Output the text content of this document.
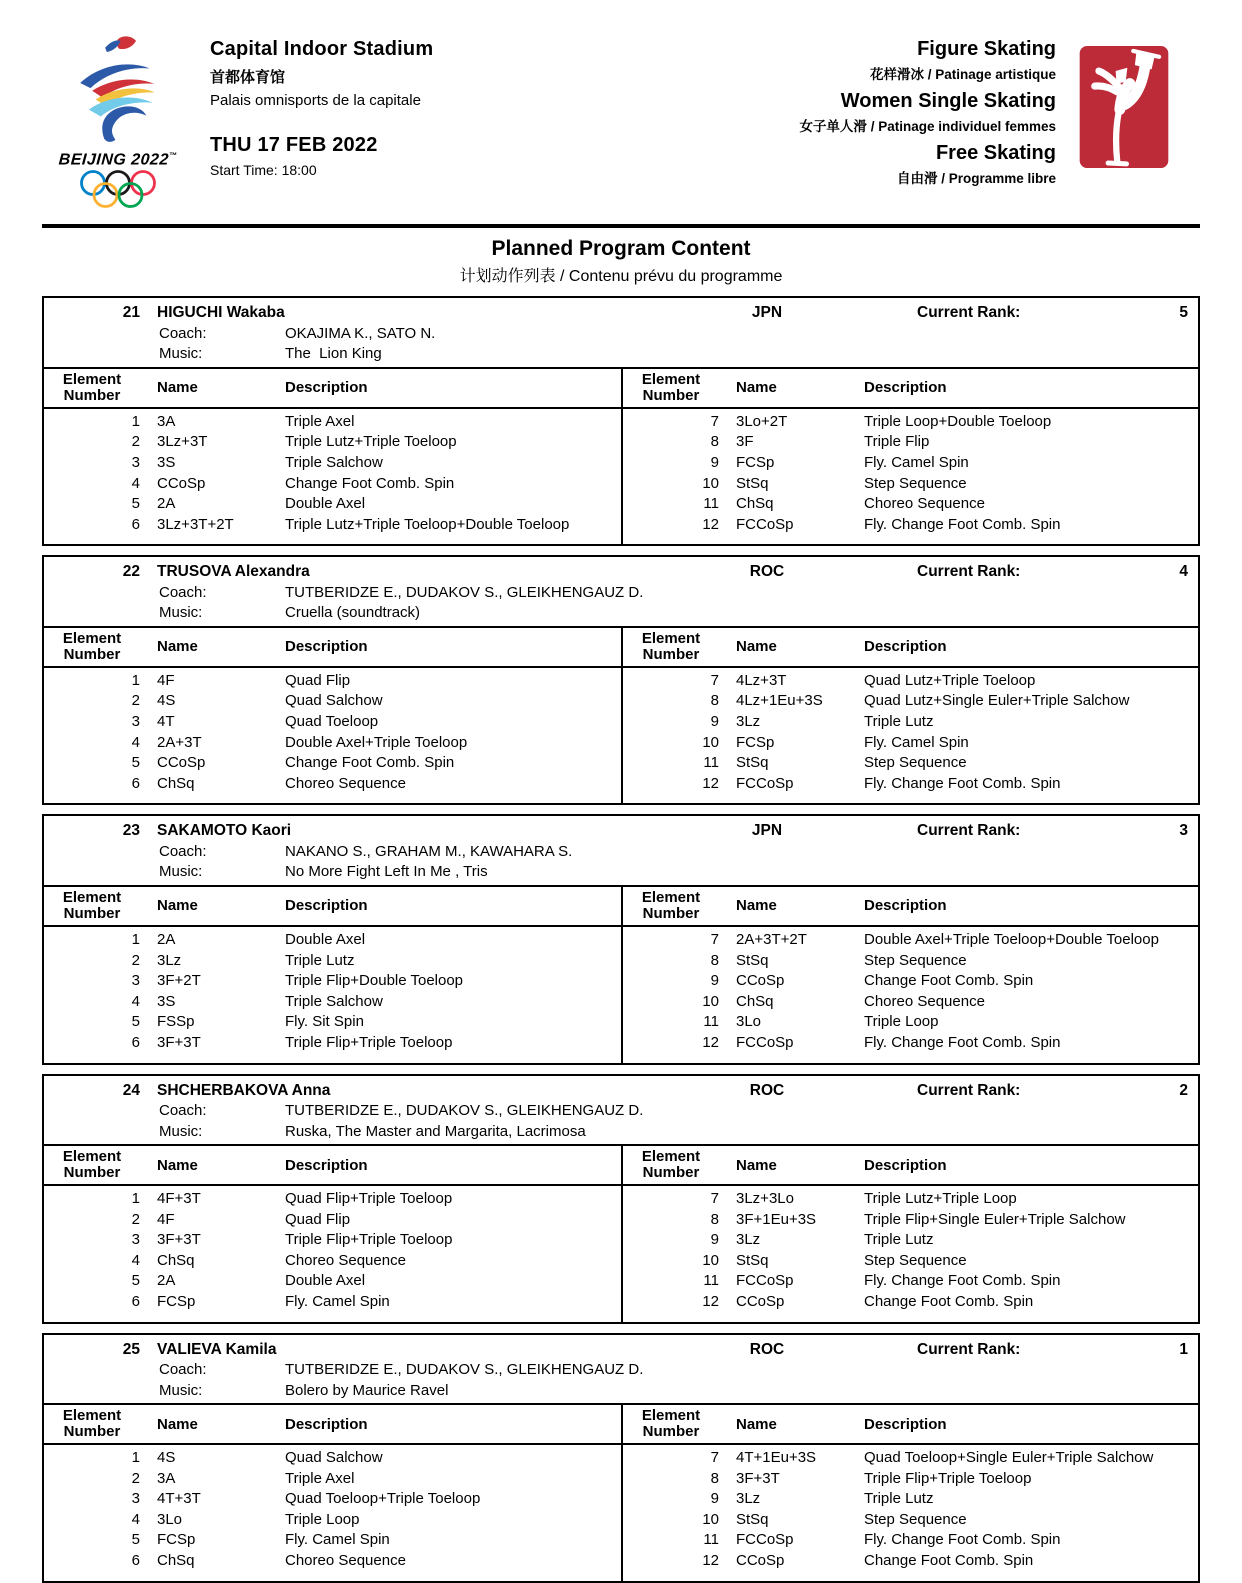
BEIJING 2022™
Capital Indoor Stadium
首都体育馆
Palais omnisports de la capitale
THU 17 FEB 2022
Start Time: 18:00
Figure Skating
花样滑冰 / Patinage artistique
Women Single Skating
女子单人滑 / Patinage individuel femmes
Free Skating
自由滑 / Programme libre
Planned Program Content
计划动作列表 / Contenu prévu du programme
21 HIGUCHI Wakaba	JPN	Current Rank:	5
Coach:	OKAJIMA K., SATO N.
Music:	The  Lion King
Element Number	Name	Description
1 3A	Triple Axel
2 3Lz+3T	Triple Lutz+Triple Toeloop
3 3S	Triple Salchow
4 CCoSp	Change Foot Comb. Spin
5 2A	Double Axel
6 3Lz+3T+2T	Triple Lutz+Triple Toeloop+Double Toeloop
Element Number	Name	Description
7 3Lo+2T	Triple Loop+Double Toeloop
8 3F	Triple Flip
9 FCSp	Fly. Camel Spin
10 StSq	Step Sequence
11 ChSq	Choreo Sequence
12 FCCoSp	Fly. Change Foot Comb. Spin
22 TRUSOVA Alexandra	ROC	Current Rank:	4
Coach:	TUTBERIDZE E., DUDAKOV S., GLEIKHENGAUZ D.
Music:	Cruella (soundtrack)
Element Number	Name	Description
1 4F	Quad Flip
2 4S	Quad Salchow
3 4T	Quad Toeloop
4 2A+3T	Double Axel+Triple Toeloop
5 CCoSp	Change Foot Comb. Spin
6 ChSq	Choreo Sequence
Element Number	Name	Description
7 4Lz+3T	Quad Lutz+Triple Toeloop
8 4Lz+1Eu+3S	Quad Lutz+Single Euler+Triple Salchow
9 3Lz	Triple Lutz
10 FCSp	Fly. Camel Spin
11 StSq	Step Sequence
12 FCCoSp	Fly. Change Foot Comb. Spin
23 SAKAMOTO Kaori	JPN	Current Rank:	3
Coach:	NAKANO S., GRAHAM M., KAWAHARA S.
Music:	No More Fight Left In Me , Tris
Element Number	Name	Description
1 2A	Double Axel
2 3Lz	Triple Lutz
3 3F+2T	Triple Flip+Double Toeloop
4 3S	Triple Salchow
5 FSSp	Fly. Sit Spin
6 3F+3T	Triple Flip+Triple Toeloop
Element Number	Name	Description
7 2A+3T+2T	Double Axel+Triple Toeloop+Double Toeloop
8 StSq	Step Sequence
9 CCoSp	Change Foot Comb. Spin
10 ChSq	Choreo Sequence
11 3Lo	Triple Loop
12 FCCoSp	Fly. Change Foot Comb. Spin
24 SHCHERBAKOVA Anna	ROC	Current Rank:	2
Coach:	TUTBERIDZE E., DUDAKOV S., GLEIKHENGAUZ D.
Music:	Ruska, The Master and Margarita, Lacrimosa
Element Number	Name	Description
1 4F+3T	Quad Flip+Triple Toeloop
2 4F	Quad Flip
3 3F+3T	Triple Flip+Triple Toeloop
4 ChSq	Choreo Sequence
5 2A	Double Axel
6 FCSp	Fly. Camel Spin
Element Number	Name	Description
7 3Lz+3Lo	Triple Lutz+Triple Loop
8 3F+1Eu+3S	Triple Flip+Single Euler+Triple Salchow
9 3Lz	Triple Lutz
10 StSq	Step Sequence
11 FCCoSp	Fly. Change Foot Comb. Spin
12 CCoSp	Change Foot Comb. Spin
25 VALIEVA Kamila	ROC	Current Rank:	1
Coach:	TUTBERIDZE E., DUDAKOV S., GLEIKHENGAUZ D.
Music:	Bolero by Maurice Ravel
Element Number	Name	Description
1 4S	Quad Salchow
2 3A	Triple Axel
3 4T+3T	Quad Toeloop+Triple Toeloop
4 3Lo	Triple Loop
5 FCSp	Fly. Camel Spin
6 ChSq	Choreo Sequence
Element Number	Name	Description
7 4T+1Eu+3S	Quad Toeloop+Single Euler+Triple Salchow
8 3F+3T	Triple Flip+Triple Toeloop
9 3Lz	Triple Lutz
10 StSq	Step Sequence
11 FCCoSp	Fly. Change Foot Comb. Spin
12 CCoSp	Change Foot Comb. Spin
